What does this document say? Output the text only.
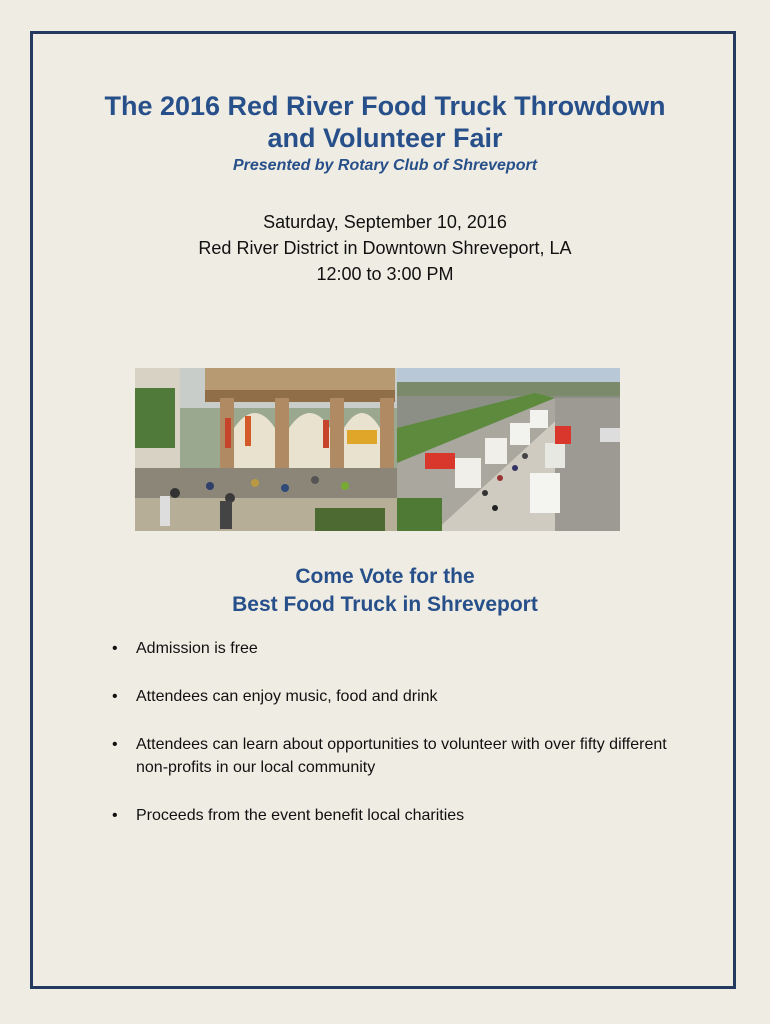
The 2016 Red River Food Truck Throwdown
and Volunteer Fair
Presented by Rotary Club of Shreveport
Saturday, September 10, 2016
Red River District in Downtown Shreveport, LA
12:00 to 3:00 PM
Come Vote for the
Best Food Truck in Shreveport
• Admission is free
• Attendees can enjoy music, food and drink
• Attendees can learn about opportunities to volunteer with over fifty different non-profits in our local community
• Proceeds from the event benefit local charities
